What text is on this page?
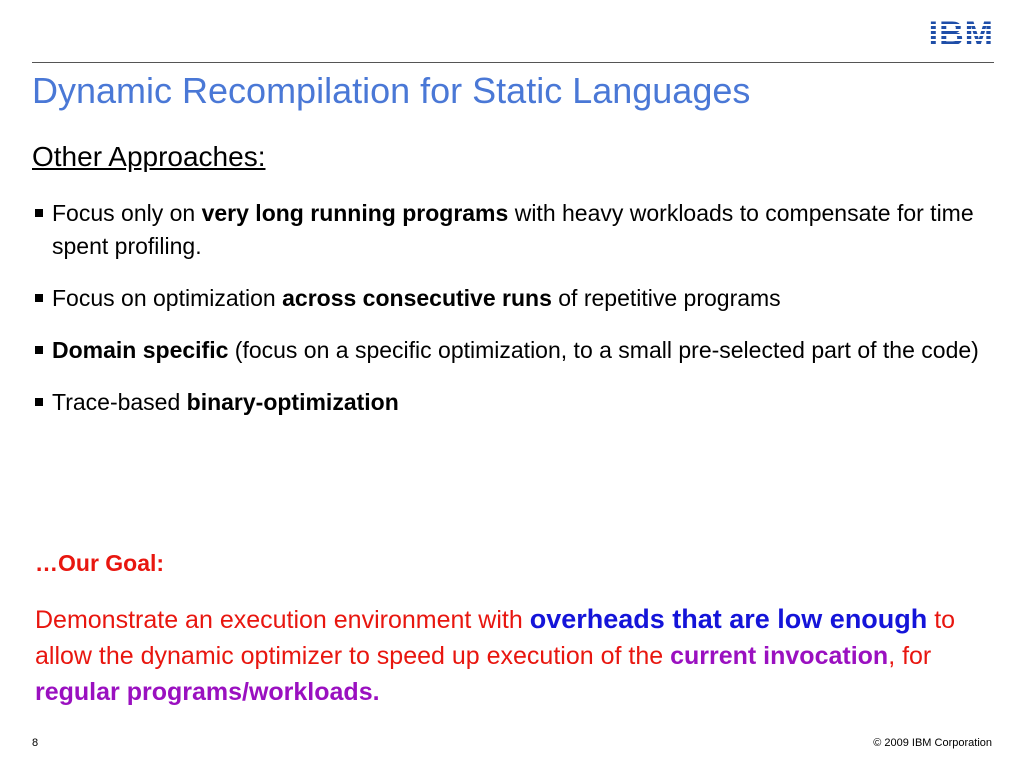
IBM
Dynamic Recompilation for Static Languages
Other Approaches:
Focus only on very long running programs with heavy workloads to compensate for time spent profiling.
Focus on optimization across consecutive runs of repetitive programs
Domain specific (focus on a specific optimization, to a small pre-selected part of the code)
Trace-based binary-optimization

…Our Goal:

Demonstrate an execution environment with overheads that are low enough to allow the dynamic optimizer to speed up execution of the current invocation, for regular programs/workloads.

8	© 2009 IBM Corporation
